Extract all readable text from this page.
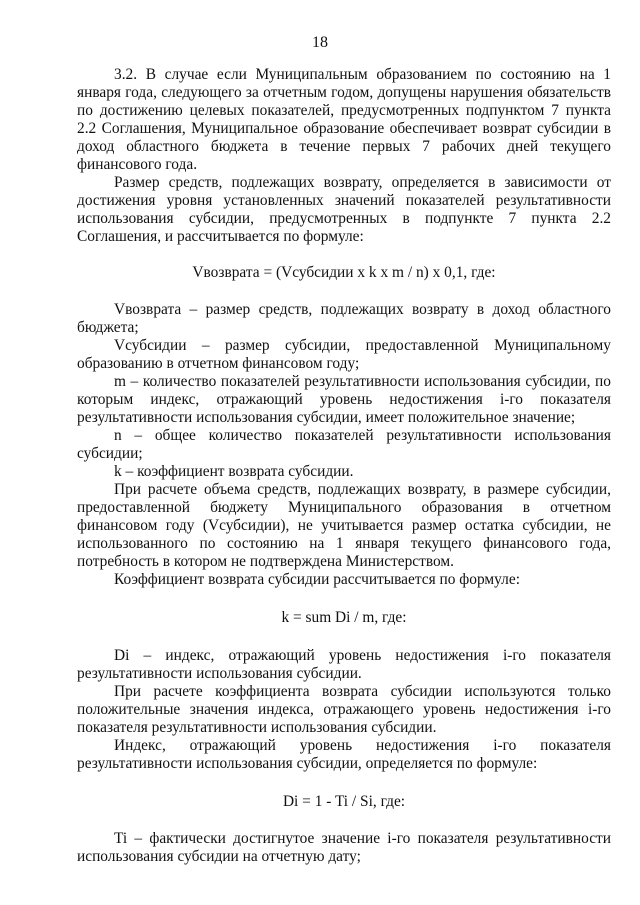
18

3.2. В случае если Муниципальным образованием по состоянию на 1 января года, следующего за отчетным годом, допущены нарушения обязательств по достижению целевых показателей, предусмотренных подпунктом 7 пункта 2.2 Соглашения, Муниципальное образование обеспечивает возврат субсидии в доход областного бюджета в течение первых 7 рабочих дней текущего финансового года.

Размер средств, подлежащих возврату, определяется в зависимости от достижения уровня установленных значений показателей результативности использования субсидии, предусмотренных в подпункте 7 пункта 2.2 Соглашения, и рассчитывается по формуле:

Vвозврата = (Vсубсидии х k х m / n) х 0,1, где:

Vвозврата – размер средств, подлежащих возврату в доход областного бюджета;

Vсубсидии – размер субсидии, предоставленной Муниципальному образованию в отчетном финансовом году;

m – количество показателей результативности использования субсидии, по которым индекс, отражающий уровень недостижения i-го показателя результативности использования субсидии, имеет положительное значение;

n – общее количество показателей результативности использования субсидии;

k – коэффициент возврата субсидии.

При расчете объема средств, подлежащих возврату, в размере субсидии, предоставленной бюджету Муниципального образования в отчетном финансовом году (Vсубсидии), не учитывается размер остатка субсидии, не использованного по состоянию на 1 января текущего финансового года, потребность в котором не подтверждена Министерством.

Коэффициент возврата субсидии рассчитывается по формуле:

k = sum Di / m, где:

Di – индекс, отражающий уровень недостижения i-го показателя результативности использования субсидии.

При расчете коэффициента возврата субсидии используются только положительные значения индекса, отражающего уровень недостижения i-го показателя результативности использования субсидии.

Индекс, отражающий уровень недостижения i-го показателя результативности использования субсидии, определяется по формуле:

Di = 1 - Ti / Si, где:

Ti – фактически достигнутое значение i-го показателя результативности использования субсидии на отчетную дату;
